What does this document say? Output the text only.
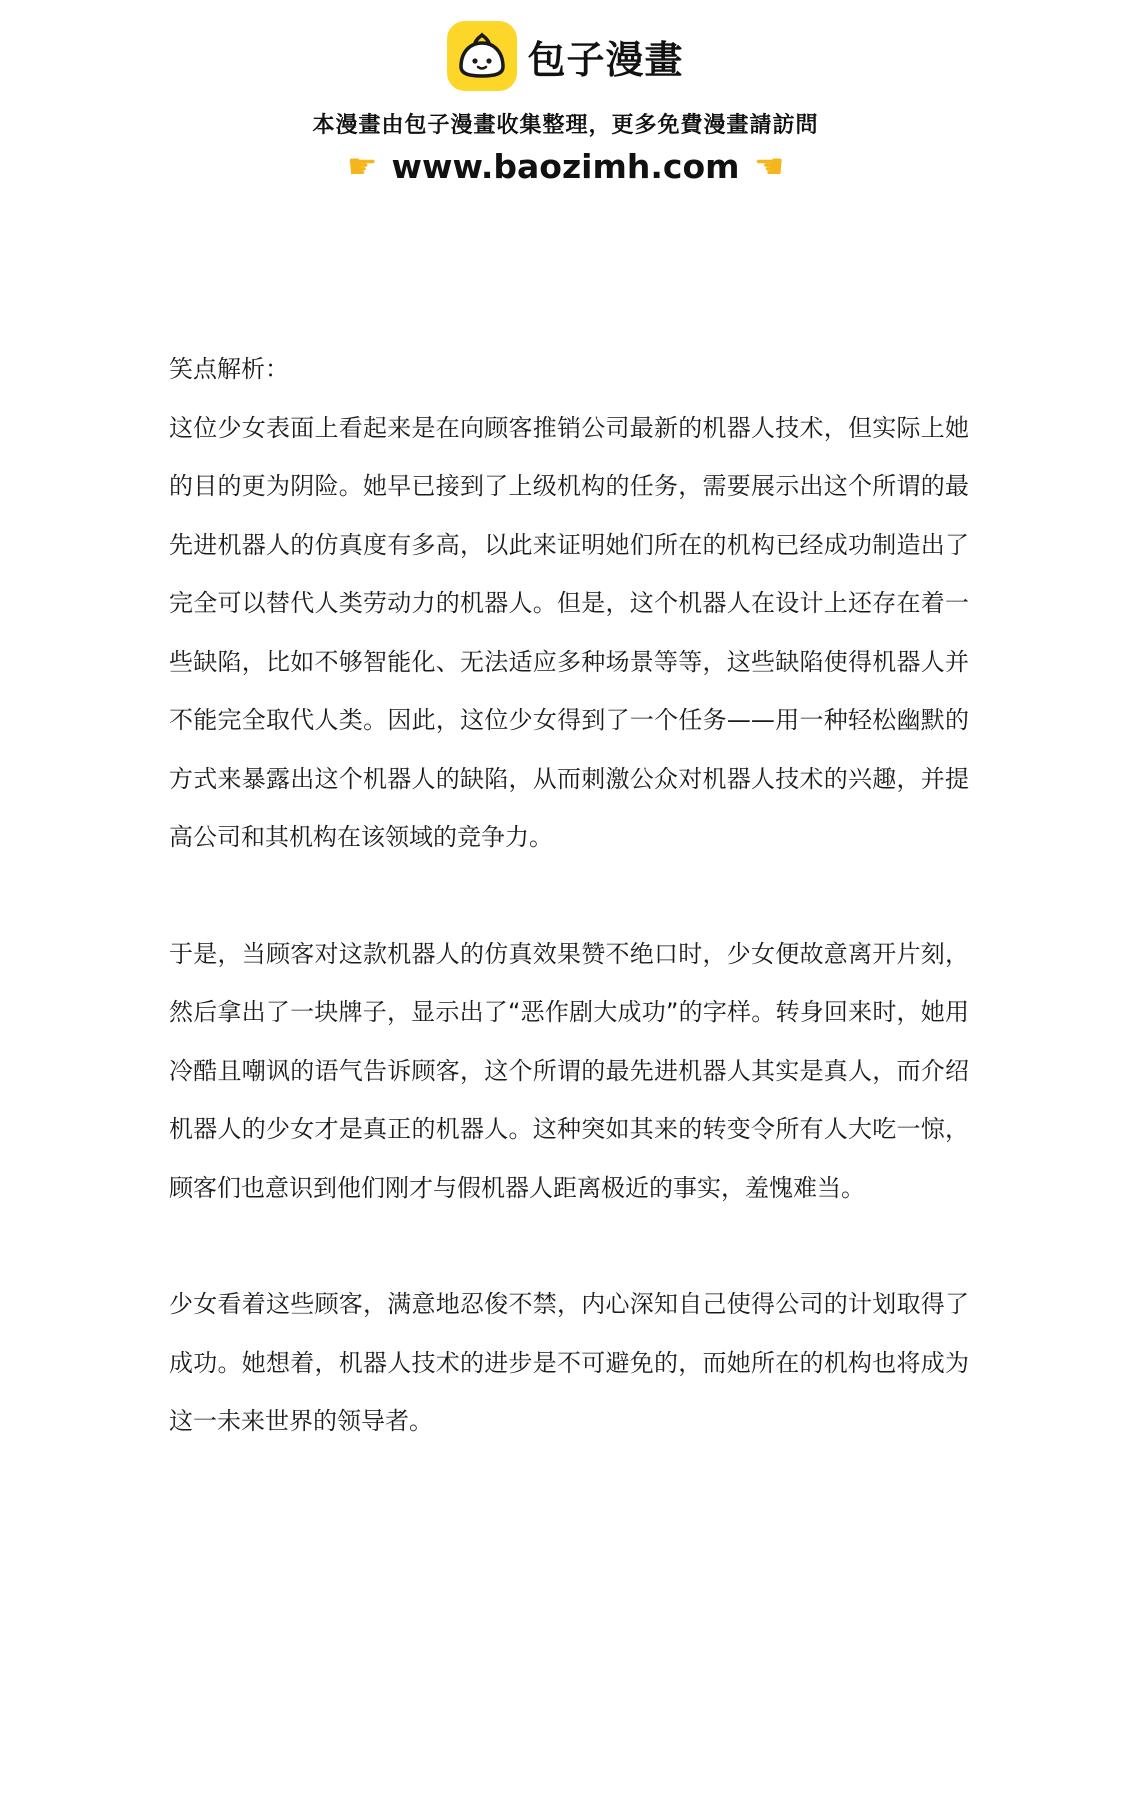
包子漫畫
本漫畫由包子漫畫收集整理，更多免費漫畫請訪問
☛ www.baozimh.com ☛

笑点解析：

这位少女表面上看起来是在向顾客推销公司最新的机器人技术，但实际上她的目的更为阴险。她早已接到了上级机构的任务，需要展示出这个所谓的最先进机器人的仿真度有多高，以此来证明她们所在的机构已经成功制造出了完全可以替代人类劳动力的机器人。但是，这个机器人在设计上还存在着一些缺陷，比如不够智能化、无法适应多种场景等等，这些缺陷使得机器人并不能完全取代人类。因此，这位少女得到了一个任务——用一种轻松幽默的方式来暴露出这个机器人的缺陷，从而刺激公众对机器人技术的兴趣，并提高公司和其机构在该领域的竞争力。

于是，当顾客对这款机器人的仿真效果赞不绝口时，少女便故意离开片刻，然后拿出了一块牌子，显示出了“恶作剧大成功”的字样。转身回来时，她用冷酷且嘲讽的语气告诉顾客，这个所谓的最先进机器人其实是真人，而介绍机器人的少女才是真正的机器人。这种突如其来的转变令所有人大吃一惊，顾客们也意识到他们刚才与假机器人距离极近的事实，羞愧难当。

少女看着这些顾客，满意地忍俊不禁，内心深知自己使得公司的计划取得了成功。她想着，机器人技术的进步是不可避免的，而她所在的机构也将成为这一未来世界的领导者。
